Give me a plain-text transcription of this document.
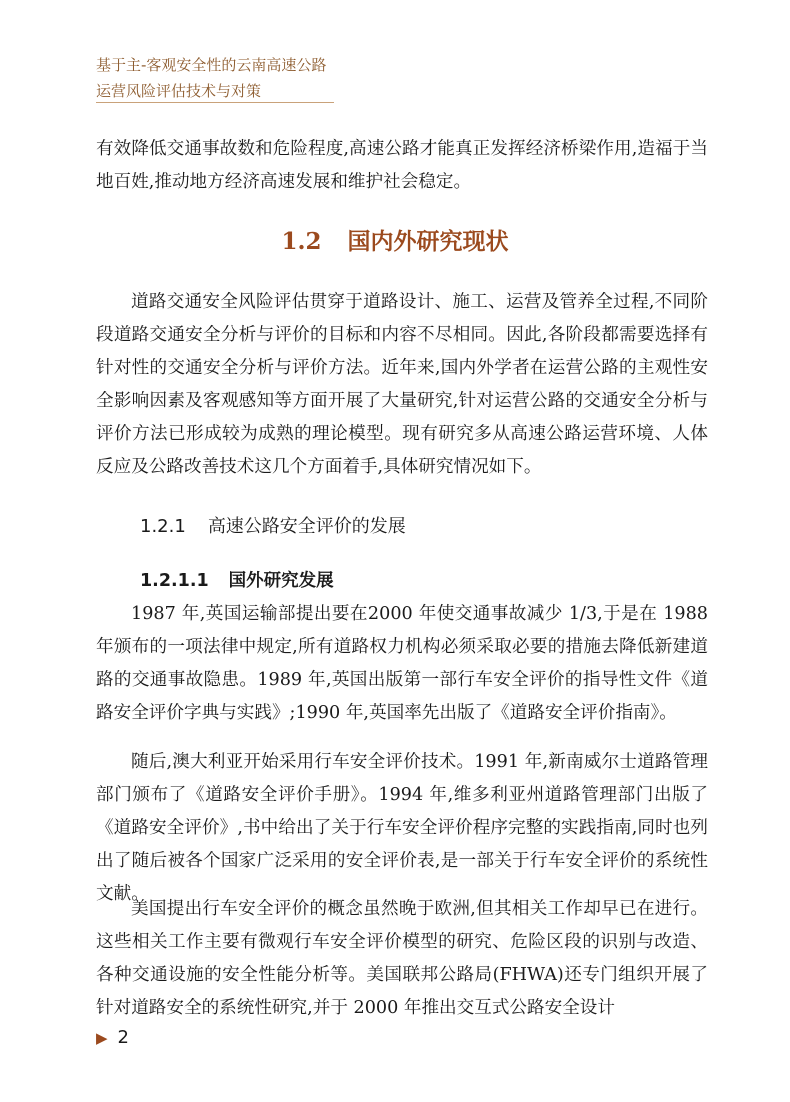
基于主-客观安全性的云南高速公路
运营风险评估技术与对策

有效降低交通事故数和危险程度,高速公路才能真正发挥经济桥梁作用,造福于当地百姓,推动地方经济高速发展和维护社会稳定。

1.2 国内外研究现状

道路交通安全风险评估贯穿于道路设计、施工、运营及管养全过程,不同阶段道路交通安全分析与评价的目标和内容不尽相同。因此,各阶段都需要选择有针对性的交通安全分析与评价方法。近年来,国内外学者在运营公路的主观性安全影响因素及客观感知等方面开展了大量研究,针对运营公路的交通安全分析与评价方法已形成较为成熟的理论模型。现有研究多从高速公路运营环境、人体反应及公路改善技术这几个方面着手,具体研究情况如下。

1.2.1 高速公路安全评价的发展
1.2.1.1 国外研究发展

1987 年,英国运输部提出要在2000 年使交通事故减少 1/3,于是在 1988 年颁布的一项法律中规定,所有道路权力机构必须采取必要的措施去降低新建道路的交通事故隐患。1989 年,英国出版第一部行车安全评价的指导性文件《道路安全评价字典与实践》;1990 年,英国率先出版了《道路安全评价指南》。

随后,澳大利亚开始采用行车安全评价技术。1991 年,新南威尔士道路管理部门颁布了《道路安全评价手册》。1994 年,维多利亚州道路管理部门出版了《道路安全评价》,书中给出了关于行车安全评价程序完整的实践指南,同时也列出了随后被各个国家广泛采用的安全评价表,是一部关于行车安全评价的系统性文献。

美国提出行车安全评价的概念虽然晚于欧洲,但其相关工作却早已在进行。这些相关工作主要有微观行车安全评价模型的研究、危险区段的识别与改造、各种交通设施的安全性能分析等。美国联邦公路局(FHWA)还专门组织开展了针对道路安全的系统性研究,并于 2000 年推出交互式公路安全设计

▶ 2
